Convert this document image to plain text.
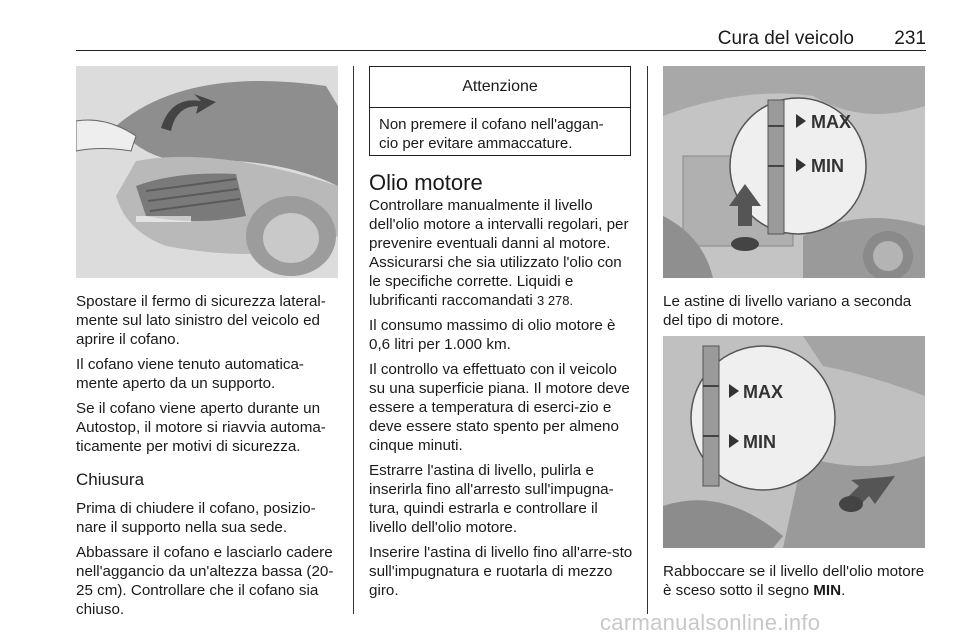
Cura del veicolo 231

Spostare il fermo di sicurezza lateral-mente sul lato sinistro del veicolo ed aprire il cofano.

Il cofano viene tenuto automatica-mente aperto da un supporto.

Se il cofano viene aperto durante un Autostop, il motore si riavvia automa-ticamente per motivi di sicurezza.

Chiusura

Prima di chiudere il cofano, posizio-nare il supporto nella sua sede.

Abbassare il cofano e lasciarlo cadere nell'aggancio da un'altezza bassa (20-25 cm). Controllare che il cofano sia chiuso.

Attenzione
Non premere il cofano nell'aggan-cio per evitare ammaccature.
Olio motore

Controllare manualmente il livello dell'olio motore a intervalli regolari, per prevenire eventuali danni al motore. Assicurarsi che sia utilizzato l'olio con le specifiche corrette. Liquidi e lubrificanti raccomandati 3 278.

Il consumo massimo di olio motore è 0,6 litri per 1.000 km.

Il controllo va effettuato con il veicolo su una superficie piana. Il motore deve essere a temperatura di eserci-zio e deve essere stato spento per almeno cinque minuti.

Estrarre l'astina di livello, pulirla e inserirla fino all'arresto sull'impugna-tura, quindi estrarla e controllare il livello dell'olio motore.

Inserire l'astina di livello fino all'arre-sto sull'impugnatura e ruotarla di mezzo giro.

MAX
MIN

Le astine di livello variano a seconda del tipo di motore.

MAX
MIN

Rabboccare se il livello dell'olio motore è sceso sotto il segno MIN.

carmanualsonline.info
